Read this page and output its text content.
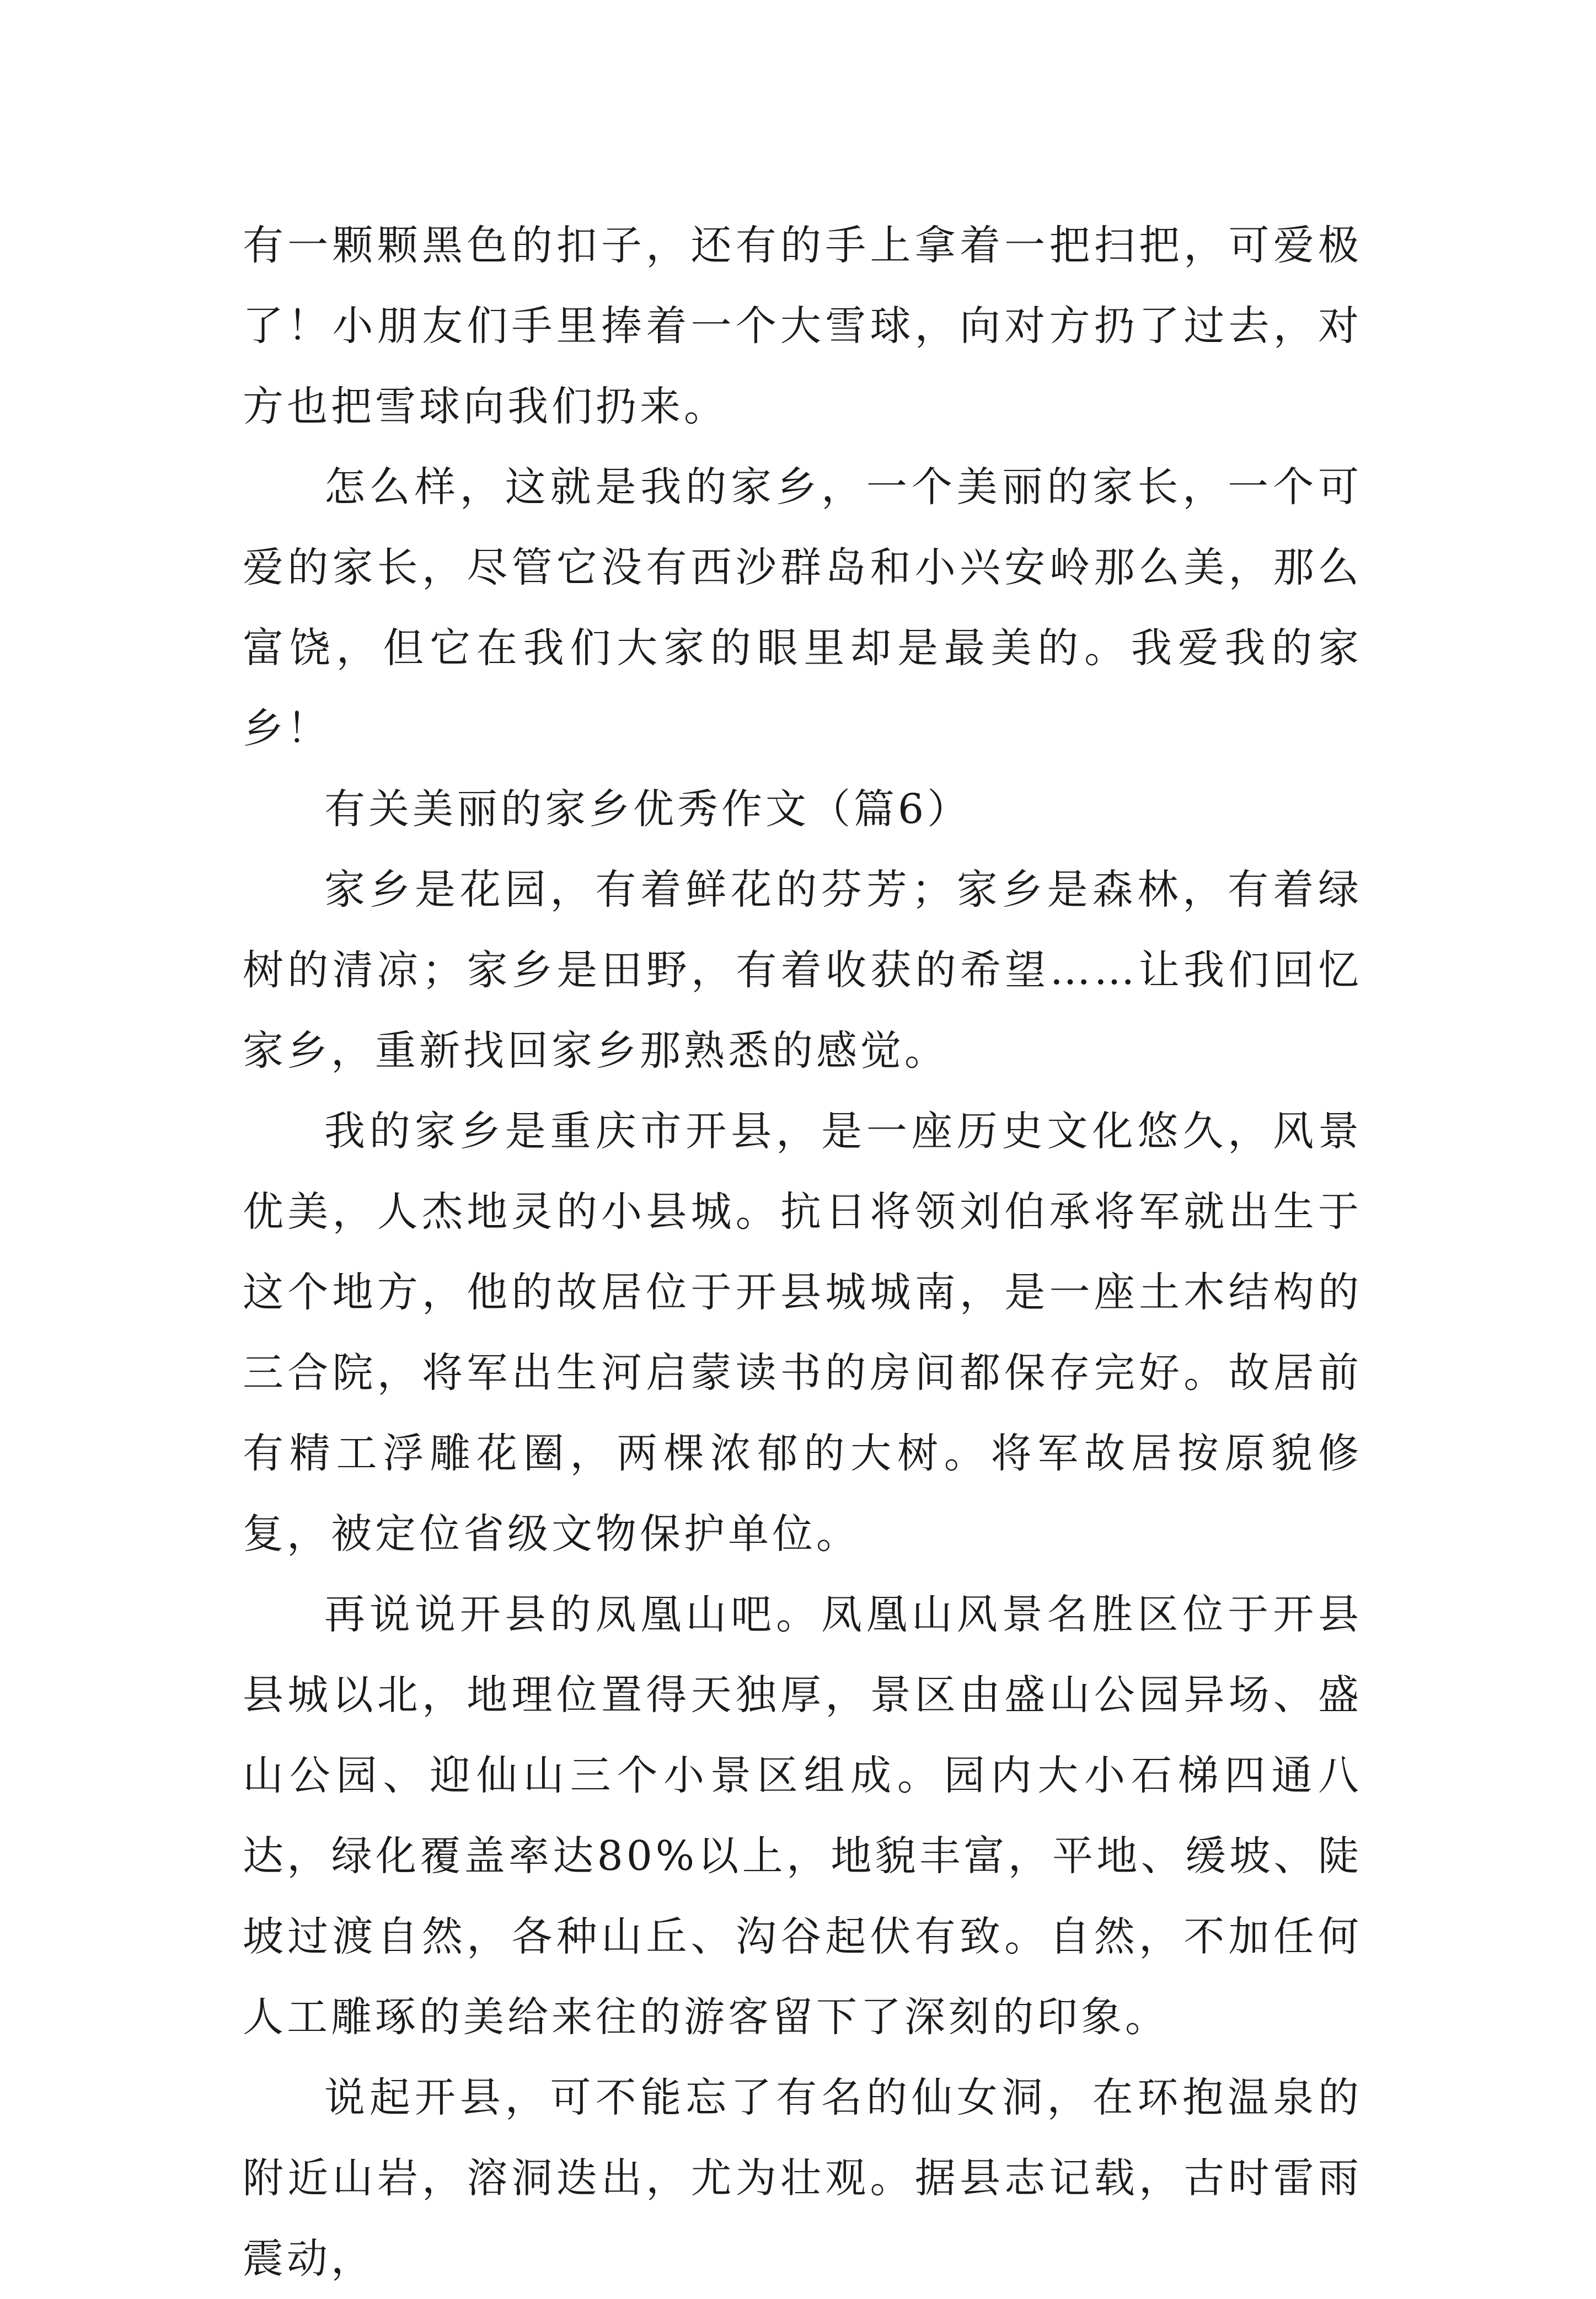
有一颗颗黑色的扣子，还有的手上拿着一把扫把，可爱极了！小朋友们手里捧着一个大雪球，向对方扔了过去，对方也把雪球向我们扔来。

怎么样，这就是我的家乡，一个美丽的家长，一个可爱的家长，尽管它没有西沙群岛和小兴安岭那么美，那么富饶，但它在我们大家的眼里却是最美的。我爱我的家乡！

有关美丽的家乡优秀作文（篇6）

家乡是花园，有着鲜花的芬芳；家乡是森林，有着绿树的清凉；家乡是田野，有着收获的希望……让我们回忆家乡，重新找回家乡那熟悉的感觉。

我的家乡是重庆市开县，是一座历史文化悠久，风景优美，人杰地灵的小县城。抗日将领刘伯承将军就出生于这个地方，他的故居位于开县城城南，是一座土木结构的三合院，将军出生河启蒙读书的房间都保存完好。故居前有精工浮雕花圈，两棵浓郁的大树。将军故居按原貌修复，被定位省级文物保护单位。

再说说开县的凤凰山吧。凤凰山风景名胜区位于开县县城以北，地理位置得天独厚，景区由盛山公园异场、盛山公园、迎仙山三个小景区组成。园内大小石梯四通八达，绿化覆盖率达80%以上，地貌丰富，平地、缓坡、陡坡过渡自然，各种山丘、沟谷起伏有致。自然，不加任何人工雕琢的美给来往的游客留下了深刻的印象。

说起开县，可不能忘了有名的仙女洞，在环抱温泉的附近山岩，溶洞迭出，尤为壮观。据县志记载，古时雷雨震动，
